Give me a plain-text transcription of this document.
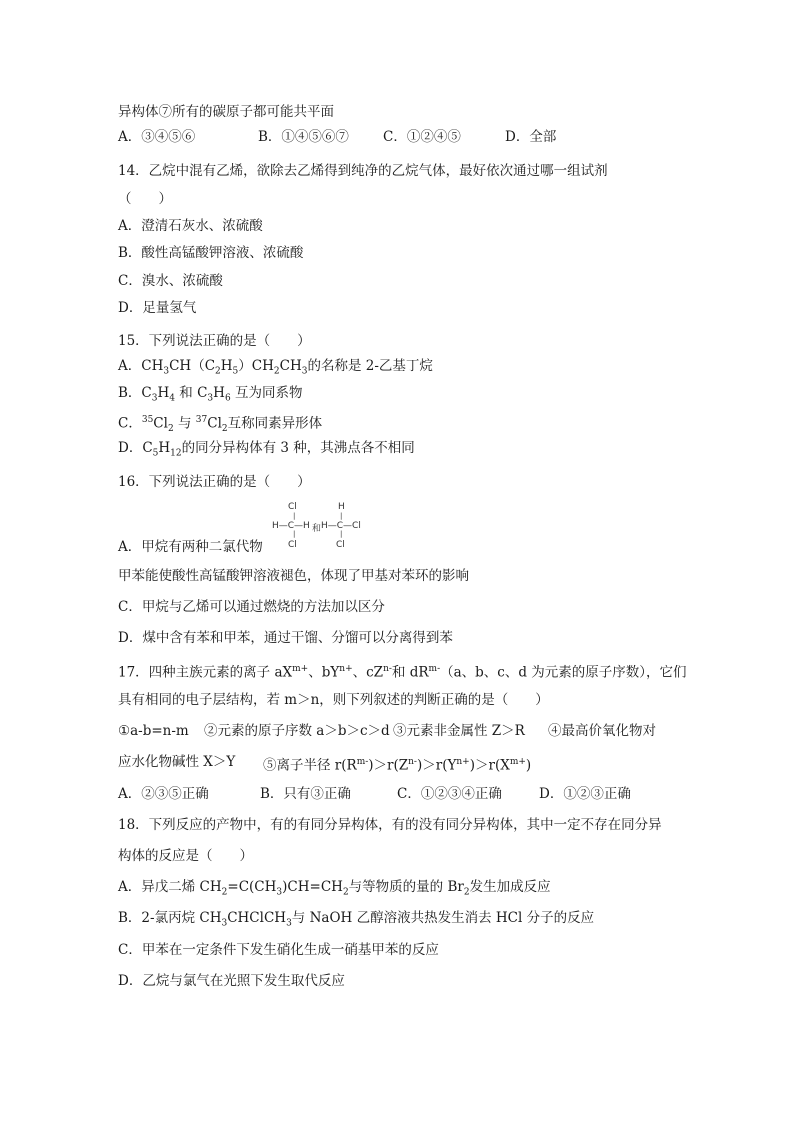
异构体⑦所有的碳原子都可能共平面
A．③④⑤⑥	B．①④⑤⑥⑦	C．①②④⑤	D．全部
14．乙烷中混有乙烯，欲除去乙烯得到纯净的乙烷气体，最好依次通过哪一组试剂
（　　）
A．澄清石灰水、浓硫酸
B．酸性高锰酸钾溶液、浓硫酸
C．溴水、浓硫酸
D．足量氢气
15．下列说法正确的是（　　）
A．$CH_3CH(C_2H_5)CH_2CH_3$的名称是 2-乙基丁烷
B．$C_3H_4$ 和 $C_3H_6$ 互为同系物
C．$^{35}Cl_2$ 与 $^{37}Cl_2$互称同素异形体
D．$C_5H_{12}$的同分异构体有 3 种，其沸点各不相同
16．下列说法正确的是（　　）
Cl
|
H—C—H
|
Cl
和
H
|
H—C—Cl
|
Cl
A．甲烷有两种二氯代物
甲苯能使酸性高锰酸钾溶液褪色，体现了甲基对苯环的影响
C．甲烷与乙烯可以通过燃烧的方法加以区分
D．煤中含有苯和甲苯，通过干馏、分馏可以分离得到苯
17．四种主族元素的离子 $aX^{m+}$、$bY^{n+}$、$cZ^{n-}$和 $dR^{m-}(a$、b、c、d 为元素的原子序数），它们
具有相同的电子层结构，若 m＞n，则下列叙述的判断正确的是（　　）
①a-b=n-m ②元素的原子序数 a＞b＞c＞d ③元素非金属性 Z＞R ④最高价氧化物对
应水化物碱性 X＞Y ⑤离子半径 $r(R^{m-})>r(Z^{n-})>r(Y^{n+})>r(X^{m+})$
A．②③⑤正确	B．只有③正确	C．①②③④正确	D．①②③正确
18．下列反应的产物中，有的有同分异构体，有的没有同分异构体，其中一定不存在同分异
构体的反应是（　　）
A．异戊二烯 $CH_2=C(CH_3)CH=CH_2$与等物质的量的 $Br_2$发生加成反应
B．2-氯丙烷 $CH_3CHClCH_3$与 NaOH 乙醇溶液共热发生消去 HCl 分子的反应
C．甲苯在一定条件下发生硝化生成一硝基甲苯的反应
D．乙烷与氯气在光照下发生取代反应
